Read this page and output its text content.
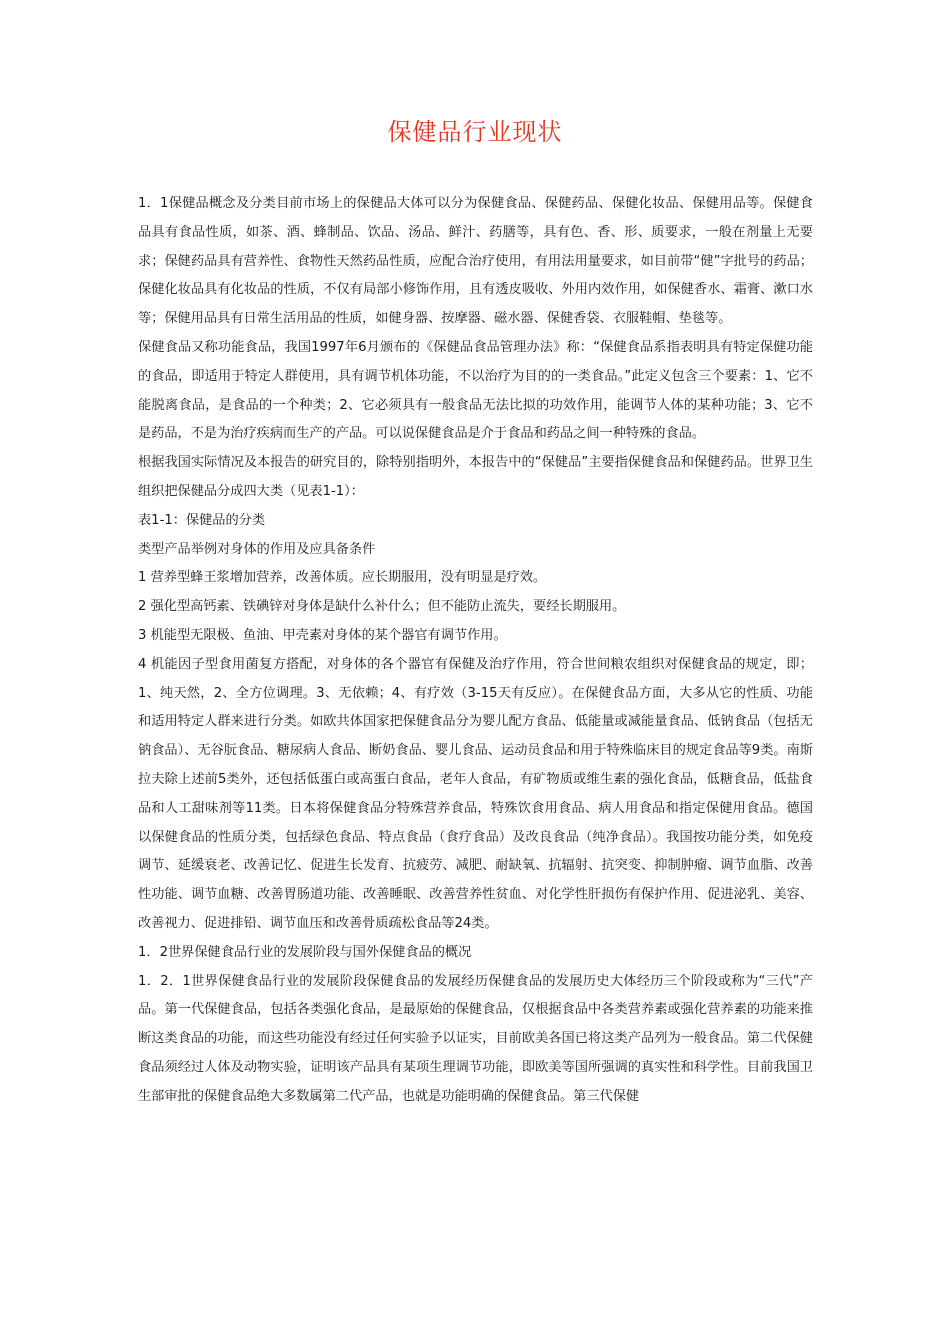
保健品行业现状

1．1保健品概念及分类目前市场上的保健品大体可以分为保健食品、保健药品、保健化妆品、保健用品等。保健食品具有食品性质，如茶、酒、蜂制品、饮品、汤品、鲜汁、药膳等，具有色、香、形、质要求，一般在剂量上无要求；保健药品具有营养性、食物性天然药品性质，应配合治疗使用，有用法用量要求，如目前带“健”字批号的药品；保健化妆品具有化妆品的性质，不仅有局部小修饰作用，且有透皮吸收、外用内效作用，如保健香水、霜膏、漱口水等；保健用品具有日常生活用品的性质，如健身器、按摩器、磁水器、保健香袋、衣服鞋帽、垫毯等。

保健食品又称功能食品，我国1997年6月颁布的《保健品食品管理办法》称：“保健食品系指表明具有特定保健功能的食品，即适用于特定人群使用，具有调节机体功能，不以治疗为目的的一类食品。”此定义包含三个要素：1、它不能脱离食品，是食品的一个种类；2、它必须具有一般食品无法比拟的功效作用，能调节人体的某种功能；3、它不是药品，不是为治疗疾病而生产的产品。可以说保健食品是介于食品和药品之间一种特殊的食品。

根据我国实际情况及本报告的研究目的，除特别指明外，本报告中的“保健品”主要指保健食品和保健药品。世界卫生组织把保健品分成四大类（见表1-1）：

表1-1：保健品的分类

类型产品举例对身体的作用及应具备条件

1 营养型蜂王浆增加营养，改善体质。应长期服用，没有明显是疗效。

2 强化型高钙素、铁碘锌对身体是缺什么补什么；但不能防止流失，要经长期服用。

3 机能型无限极、鱼油、甲壳素对身体的某个器官有调节作用。

4 机能因子型食用菌复方搭配，对身体的各个器官有保健及治疗作用，符合世间粮农组织对保健食品的规定，即；1、纯天然，2、全方位调理。3、无依赖；4、有疗效（3-15天有反应）。在保健食品方面，大多从它的性质、功能和适用特定人群来进行分类。如欧共体国家把保健食品分为婴儿配方食品、低能量或减能量食品、低钠食品（包括无钠食品）、无谷朊食品、糖尿病人食品、断奶食品、婴儿食品、运动员食品和用于特殊临床目的规定食品等9类。南斯拉夫除上述前5类外，还包括低蛋白或高蛋白食品，老年人食品，有矿物质或维生素的强化食品，低糖食品，低盐食品和人工甜味剂等11类。日本将保健食品分特殊营养食品，特殊饮食用食品、病人用食品和指定保健用食品。德国以保健食品的性质分类，包括绿色食品、特点食品（食疗食品）及改良食品（纯净食品）。我国按功能分类，如免疫调节、延缓衰老、改善记忆、促进生长发育、抗疲劳、减肥、耐缺氧、抗辐射、抗突变、抑制肿瘤、调节血脂、改善性功能、调节血糖、改善胃肠道功能、改善睡眠、改善营养性贫血、对化学性肝损伤有保护作用、促进泌乳、美容、改善视力、促进排铅、调节血压和改善骨质疏松食品等24类。

1．2世界保健食品行业的发展阶段与国外保健食品的概况

1．2．1世界保健食品行业的发展阶段保健食品的发展经历保健食品的发展历史大体经历三个阶段或称为“三代”产品。第一代保健食品，包括各类强化食品，是最原始的保健食品，仅根据食品中各类营养素或强化营养素的功能来推断这类食品的功能，而这些功能没有经过任何实验予以证实，目前欧美各国已将这类产品列为一般食品。第二代保健食品须经过人体及动物实验，证明该产品具有某项生理调节功能，即欧美等国所强调的真实性和科学性。目前我国卫生部审批的保健食品绝大多数属第二代产品，也就是功能明确的保健食品。第三代保健
